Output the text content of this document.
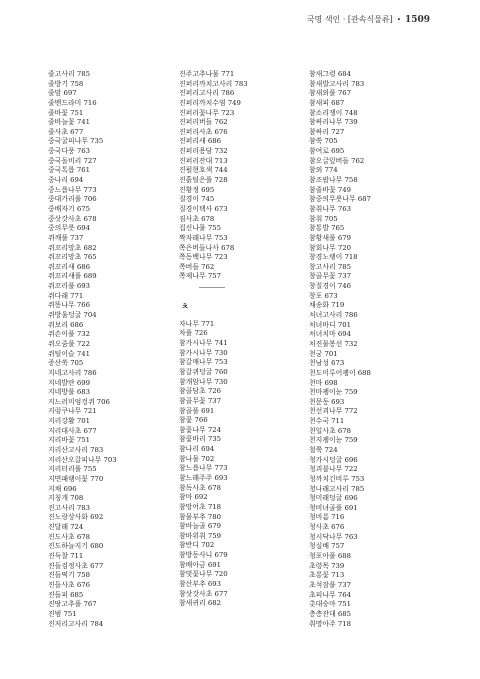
국명 색인 · [관속식물류] • 1509
줄고사리 785
줄방기 758
줄맘 697
줄맨드라미 716
줄바꽃 751
줄바늘꽃 741
줄사초 677
중국굴피나무 735
중국다풍 763
중국돌비리 727
중국톡릅 761
중나리 694
중느릅나무 773
중대가리풀 706
중배자기 675
중삿갓사초 678
중의무릇 694
쥐깨풀 737
쥐꼬리망초 682
쥐꼬리망초 765
쥐꼬리새 686
쥐꼬리새풀 689
쥐꼬리풀 693
쥐다래 771
쥐똥나무 766
쥐방울덩굴 704
쥐보리 686
쥐손이풀 732
쥐오줌풀 722
쥐털이슬 741
증산쑥 705
지네고사리 786
지네발란 699
지네방풀 683
지느러미엉겅퀴 706
지렁쿠나무 721
지리강활 701
지리대사초 677
지리바꽃 751
지리산고사리 783
지리산오갈피나무 703
지리터리풀 755
지면패랭이꽃 770
지채 696
지칭개 708
진고사리 783
진노랑상사화 692
진달래 724
진도사초 678
진도하늘지기 680
진득찰 711
진들검정사초 677
진들떡기 758
진들사초 676
진들피 685
진땅고추풀 767
진범 751
진저리고사리 784
진주고추나물 771
진퍼리까치고사리 783
진퍼리고사리 786
진퍼리까치수염 749
진퍼리꽃나무 723
진퍼리버들 762
진퍼리사초 676
진퍼리새 686
진퍼리용담 732
진퍼리잔대 713
진펄현호색 744
진흙털은풀 728
진황정 695
질경이 745
질경이택사 673
짐사초 678
집신나물 755
짝자래나무 753
쪽은버들나사 678
쪽동백나무 723
쪽버들 762
쪽제나무 757
ㅊ
자나무 771
차풀 726
참가시나무 741
참가시나무 730
참갈매나무 753
참갈퀴덩굴 760
참개암나무 730
참골담초 726
참골무꽃 737
참골풀 691
참꽃 766
참꽃나무 724
참꽃바리 735
참나리 694
참나물 702
참느릅나무 773
참느래주주 693
참독사초 678
참마 692
참망어초 718
참물부추 780
참바늘골 679
참바위취 759
참반디 702
참방동사니 679
참배아금 691
참벚꽃나무 720
참산부추 693
참삿갓사초 677
참새귀리 682
참새그령 684
참새발고사리 783
참새외풀 767
참새피 687
참소리쟁이 748
참싸리나무 739
참싸리 727
참쑥 705
참여로 695
참오글잎버들 762
참외 774
참조팝나무 758
참줄바꽃 749
참중의무릇나무 687
참취나무 763
참취 705
참통발 765
참황새풀 679
참회나무 720
창경노랭이 718
창고사리 785
창골무꽃 737
창질경이 746
창포 673
채송화 719
처녀고사리 786
처녀바디 701
처녀치마 694
처진물봉선 732
천궁 701
천남성 673
천도미루어괭이 688
천마 698
천마괭이눈 759
천문동 693
천선괴나무 772
천수국 711
천일사초 678
천지괭이눈 759
철쭉 724
청가시덩굴 696
청괴불나무 722
청까치긴비루 753
청나래고사리 785
청미래덩굴 696
청비녀골풀 691
청비름 716
청사초 676
청시닥나무 763
청실배 757
청포아풀 688
초령목 739
초롱꽃 713
초석잠풀 737
초피나무 764
촛대승마 751
층층잔대 685
취명아주 718
